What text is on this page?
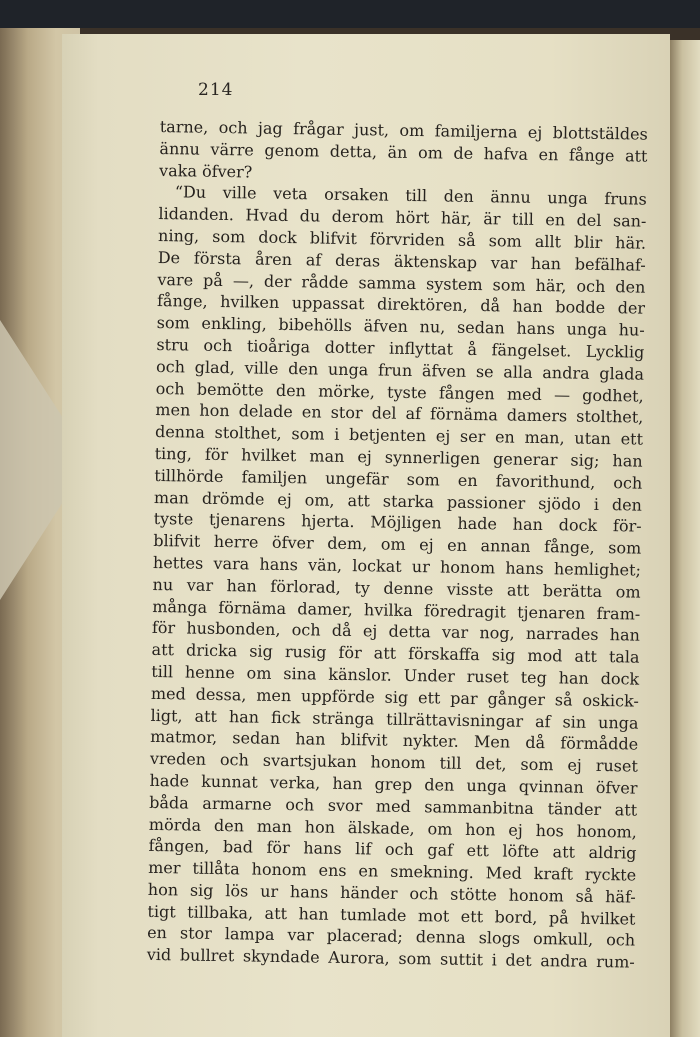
214
tarne, och jag frågar just, om familjerna ej blottstäldes
ännu värre genom detta, än om de hafva en fånge att
vaka öfver?
“Du ville veta orsaken till den ännu unga fruns
lidanden. Hvad du derom hört här, är till en del san-
ning, som dock blifvit förvriden så som allt blir här.
De första åren af deras äktenskap var han befälhaf-
vare på —, der rådde samma system som här, och den
fånge, hvilken uppassat direktören, då han bodde der
som enkling, bibehölls äfven nu, sedan hans unga hu-
stru och tioåriga dotter inflyttat å fängelset. Lycklig
och glad, ville den unga frun äfven se alla andra glada
och bemötte den mörke, tyste fången med — godhet,
men hon delade en stor del af förnäma damers stolthet,
denna stolthet, som i betjenten ej ser en man, utan ett
ting, för hvilket man ej synnerligen generar sig; han
tillhörde familjen ungefär som en favorithund, och
man drömde ej om, att starka passioner sjödo i den
tyste tjenarens hjerta. Möjligen hade han dock för-
blifvit herre öfver dem, om ej en annan fånge, som
hettes vara hans vän, lockat ur honom hans hemlighet;
nu var han förlorad, ty denne visste att berätta om
många förnäma damer, hvilka föredragit tjenaren fram-
för husbonden, och då ej detta var nog, narrades han
att dricka sig rusig för att förskaffa sig mod att tala
till henne om sina känslor. Under ruset teg han dock
med dessa, men uppförde sig ett par gånger så oskick-
ligt, att han fick stränga tillrättavisningar af sin unga
matmor, sedan han blifvit nykter. Men då förmådde
vreden och svartsjukan honom till det, som ej ruset
hade kunnat verka, han grep den unga qvinnan öfver
båda armarne och svor med sammanbitna tänder att
mörda den man hon älskade, om hon ej hos honom,
fången, bad för hans lif och gaf ett löfte att aldrig
mer tillåta honom ens en smekning. Med kraft ryckte
hon sig lös ur hans händer och stötte honom så häf-
tigt tillbaka, att han tumlade mot ett bord, på hvilket
en stor lampa var placerad; denna slogs omkull, och
vid bullret skyndade Aurora, som suttit i det andra rum-
